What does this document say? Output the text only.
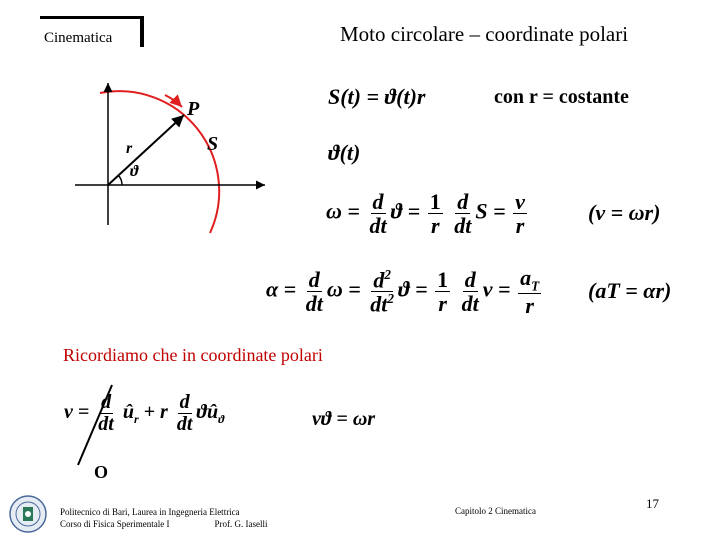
Cinematica	Moto circolare – coordinate polari
P
S
r
ϑ
S(t) = ϑ(t)r	con r = costante
ϑ(t)
$\omega = \frac{d}{dt}$ $ϑ = \frac{1}{r}$
$\frac{d}{dt}$ $S = \frac{v}{r}$	(v = ωr)
$\alpha = \frac{d}{dt}$ $\omega = \frac{d^2}{dt^2}$ $ϑ = \frac{1}{r}$
$\frac{d}{dt}$ $v = \frac{a_T}{r} (aT = \alpha r)$
Ricordiamo che in coordinate polari
$v = \frac{d}{dt}$ $û_r + r \frac{d}{dt}$ $ϑû_ϑ$	vϑ = ωr
O
Politecnico di Bari, Laurea in Ingegneria Elettrica
Corso di Fisica Sperimentale I                    Prof. G. Iaselli
Capitolo 2 Cinematica	17
